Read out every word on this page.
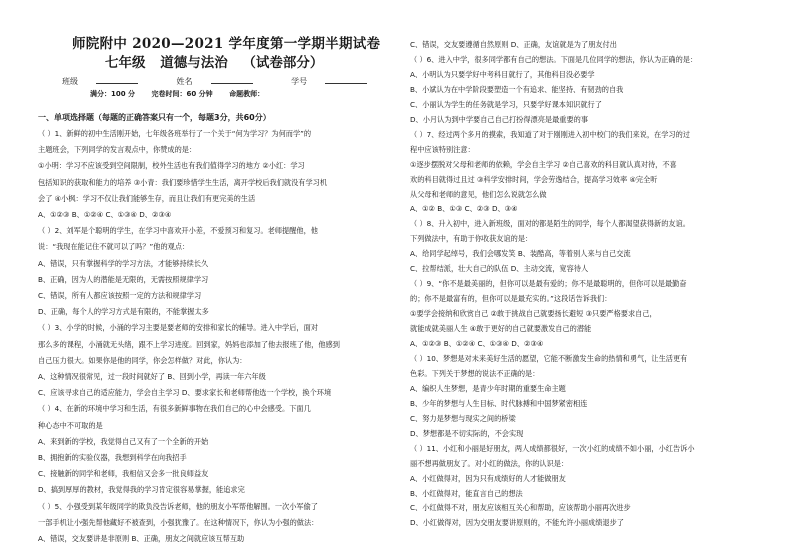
师院附中 2020—2021 学年度第一学期半期试卷
七年级 道德与法治 （试卷部分）
班级	姓名	学号
满分：100 分 完卷时间：60 分钟 命题教师：
一、单项选择题（每题的正确答案只有一个，每题3分，共60分）
（ ）1、新鲜的初中生活刚开始，七年级各班举行了一个关于“何为学习？为何而学”的
主题班会，下列同学的发言观点中，你赞成的是：
①小明：学习不应该受到空间限制，校外生活也有我们值得学习的地方 ②小红：学习
包括知识的获取和能力的培养 ③小青：我们要珍惜学生生活，离开学校后我们就没有学习机
会了 ④小枫：学习不仅让我们能够生存，而且让我们有更完美的生活
A、①②③ B、①②④ C、①③④ D、②③④
（ ）2、刘军是个聪明的学生，在学习中喜欢开小差，不爱预习和复习。老师提醒他，他
说：“我现在能记住不就可以了吗？”他的观点：
A、错误，只有掌握科学的学习方法，才能够持续长久
B、正确，因为人的潜能是无限的，无需按照规律学习
C、错误，所有人都应该按照一定的方法和规律学习
D、正确，每个人的学习方式是有限的，不能掌握太多
（ ）3、小学的时候，小涌的学习主要是要老师的安排和家长的辅导。进入中学后，面对
那么多的课程，小涌就无头绪，跟不上学习进度。回到家，妈妈也添加了他去报班了他，他感到
自己压力很大。如果你是他的同学，你会怎样做？对此，你认为：
A、这种情况很常见，过一段时间就好了 B、回到小学，再读一年六年级
C、应该寻求自己的适应能力，学会自主学习 D、要求家长和老师帮他选一个学校，换个环境
（ ）4、在新的环境中学习和生活，有很多新鲜事物在我们自己的心中会感受。下面几
种心态中不可取的是
A、来到新的学校，我觉得自己又有了一个全新的开始
B、拥抱新的实验仪器，我想到科学在向我招手
C、接触新的同学和老师，我相信又会多一批良师益友
D、搞到厚厚的教材，我觉得我的学习肯定很容易掌握，能追求完
（ ）5、小强受到某年级同学的欺负没告诉老师，他的朋友小军帮他解围。一次小军偷了
一部手机让小强先帮他藏好不被查到，小强犹豫了。在这种情况下，你认为小强的做法：
A、错误，交友要讲是非原则 B、正确，朋友之间就应该互帮互助
C、错误，交友要遵循自然原则 D、正确，友谊就是为了朋友付出
（ ）6、进入中学，很多同学都有自己的想法。下面是几位同学的想法，你认为正确的是：
A、小明认为只要学好中考科目就行了，其他科目没必要学
B、小斌认为在中学阶段要塑造一个有追求、能坚持、有韧劲的自我
C、小丽认为学生的任务就是学习，只要学好课本知识就行了
D、小月认为到中学要自己自己打扮得漂亮是最重要的事
（ ）7、经过两个多月的摸索，我知道了对于刚刚进入初中校门的我们来说，在学习的过
程中应该特别注意：
①逐步摆脱对父母和老师的依赖，学会自主学习 ②自己喜欢的科目就认真对待，不喜
欢的科目就得过且过 ③科学安排时间，学会劳逸结合，提高学习效率 ④完全听
从父母和老师的意见，他们怎么说就怎么做
A、①② B、①③ C、②③ D、③④
（ ）8、升入初中，进入新班级，面对的都是陌生的同学，每个人都渴望获得新的友谊。
下列做法中，有助于你收获友谊的是：
A、给同学起绰号，我们会哪发笑 B、装酷高，等着别人来与自己交流
C、拉帮结派，壮大自己的队伍 D、主动交流，宽容待人
（ ）9、“你不是最美丽的，但你可以是最有爱的；你不是最聪明的，但你可以是最勤奋
的；你不是最富有的，但你可以是最充实的。”这段话告诉我们：
①要学会接纳和欣赏自己 ②敢于挑战自己就要扬长避短 ③只要严格要求自己，
就能成就美丽人生 ④敢于更好的自己就要激发自己的潜能
A、①②③ B、①②④ C、①③④ D、②③④
（ ）10、梦想是对未来美好生活的愿望，它能不断激发生命的热情和勇气，让生活更有
色彩。下列关于梦想的说法不正确的是：
A、编织人生梦想，是青少年时期的重要生命主题
B、少年的梦想与人生目标、时代脉搏和中国梦紧密相连
C、努力是梦想与现实之间的桥梁
D、梦想都是不切实际的，不会实现
（ ）11、小红和小丽是好朋友，两人成绩都很好，一次小红的成绩不如小丽，小红告诉小
丽不想再做朋友了。对小红的做法，你的认识是：
A、小红做得对，因为只有成绩好的人才能做朋友
B、小红做得对，能直言自己的想法
C、小红做得不对，朋友应该相互关心和帮助，应该帮助小丽再次进步
D、小红做得对，因为交朋友要讲原则的，不能允许小丽成绩退步了
